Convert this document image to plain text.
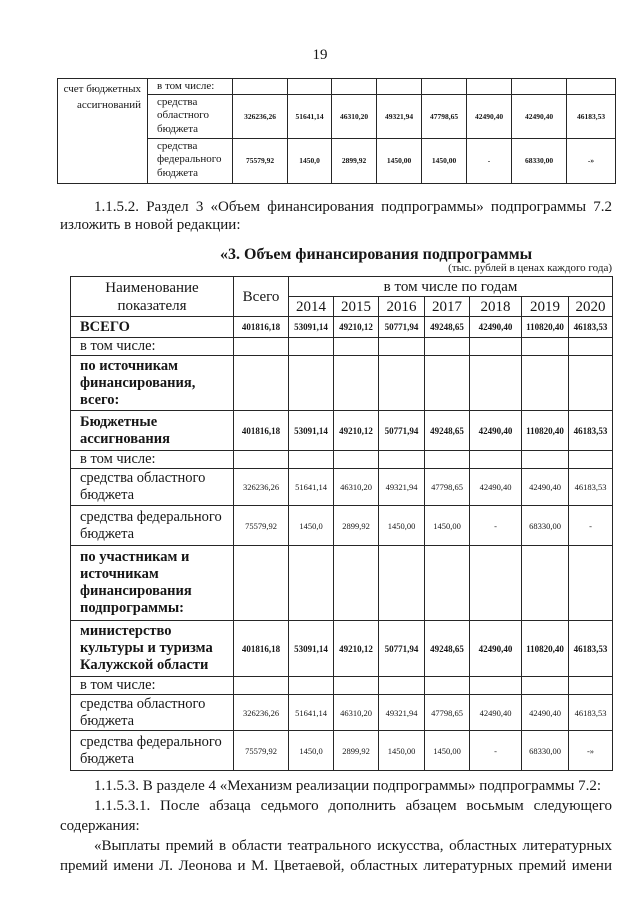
19
счет бюджетных ассигнований	в том числе:								
	средства областного бюджета	326236,26	51641,14	46310,20	49321,94	47798,65	42490,40	42490,40	46183,53
	средства федерального бюджета	75579,92	1450,0	2899,92	1450,00	1450,00	-	68330,00	-»
1.1.5.2. Раздел 3 «Объем финансирования подпрограммы» подпрограммы 7.2
изложить в новой редакции:
«3. Объем финансирования подпрограммы
(тыс. рублей в ценах каждого года)
Наименование показателя	Всего	в том числе по годам						
		2014	2015	2016	2017	2018	2019	2020
ВСЕГО	401816,18	53091,14	49210,12	50771,94	49248,65	42490,40	110820,40	46183,53
в том числе:								
по источникам финансирования, всего:								
Бюджетные ассигнования	401816,18	53091,14	49210,12	50771,94	49248,65	42490,40	110820,40	46183,53
в том числе:								
средства областного бюджета	326236,26	51641,14	46310,20	49321,94	47798,65	42490,40	42490,40	46183,53
средства федерального бюджета	75579,92	1450,0	2899,92	1450,00	1450,00	-	68330,00	-
по участникам и источникам финансирования подпрограммы:								
министерство культуры и туризма Калужской области	401816,18	53091,14	49210,12	50771,94	49248,65	42490,40	110820,40	46183,53
в том числе:								
средства областного бюджета	326236,26	51641,14	46310,20	49321,94	47798,65	42490,40	42490,40	46183,53
средства федерального бюджета	75579,92	1450,0	2899,92	1450,00	1450,00	-	68330,00	-»
1.1.5.3. В разделе 4 «Механизм реализации подпрограммы» подпрограммы 7.2:
1.1.5.3.1. После абзаца седьмого дополнить абзацем восьмым следующего
содержания:
«Выплаты премий в области театрального искусства, областных литературных
премий имени Л. Леонова и М. Цветаевой, областных литературных премий имени
